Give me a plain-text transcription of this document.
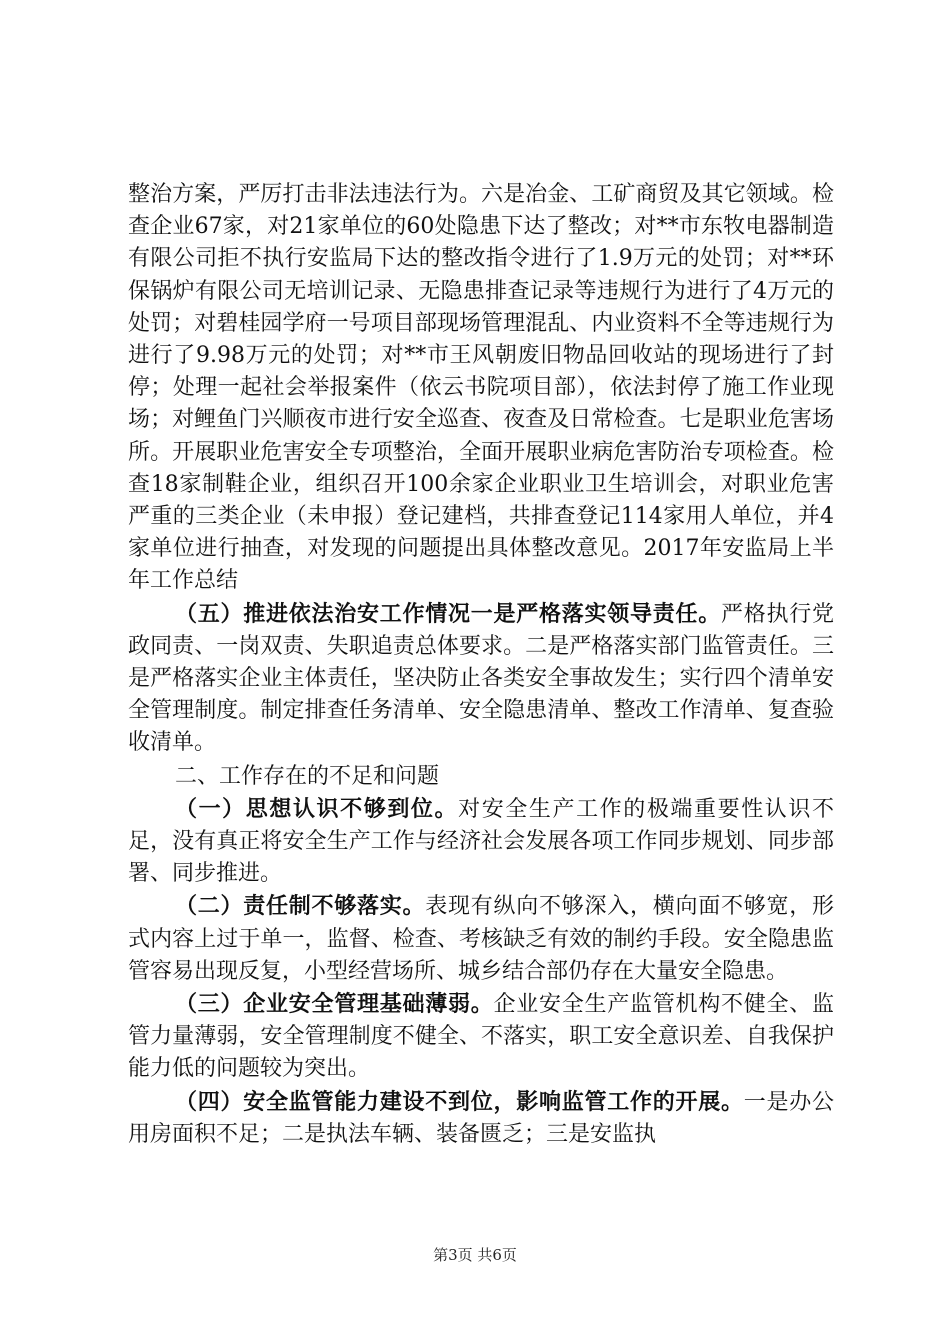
整治方案，严厉打击非法违法行为。六是冶金、工矿商贸及其它领域。检查企业67家，对21家单位的60处隐患下达了整改；对**市东牧电器制造有限公司拒不执行安监局下达的整改指令进行了1.9万元的处罚；对**环保锅炉有限公司无培训记录、无隐患排查记录等违规行为进行了4万元的处罚；对碧桂园学府一号项目部现场管理混乱、内业资料不全等违规行为进行了9.98万元的处罚；对**市王风朝废旧物品回收站的现场进行了封停；处理一起社会举报案件（依云书院项目部），依法封停了施工作业现场；对鲤鱼门兴顺夜市进行安全巡查、夜查及日常检查。七是职业危害场所。开展职业危害安全专项整治，全面开展职业病危害防治专项检查。检查18家制鞋企业，组织召开100余家企业职业卫生培训会，对职业危害严重的三类企业（未申报）登记建档，共排查登记114家用人单位，并4家单位进行抽查，对发现的问题提出具体整改意见。2017年安监局上半年工作总结

（五）推进依法治安工作情况一是严格落实领导责任。严格执行党政同责、一岗双责、失职追责总体要求。二是严格落实部门监管责任。三是严格落实企业主体责任，坚决防止各类安全事故发生；实行四个清单安全管理制度。制定排查任务清单、安全隐患清单、整改工作清单、复查验收清单。

二、工作存在的不足和问题

（一）思想认识不够到位。对安全生产工作的极端重要性认识不足，没有真正将安全生产工作与经济社会发展各项工作同步规划、同步部署、同步推进。

（二）责任制不够落实。表现有纵向不够深入，横向面不够宽，形式内容上过于单一，监督、检查、考核缺乏有效的制约手段。安全隐患监管容易出现反复，小型经营场所、城乡结合部仍存在大量安全隐患。

（三）企业安全管理基础薄弱。企业安全生产监管机构不健全、监管力量薄弱，安全管理制度不健全、不落实，职工安全意识差、自我保护能力低的问题较为突出。

（四）安全监管能力建设不到位，影响监管工作的开展。一是办公用房面积不足；二是执法车辆、装备匮乏；三是安监执

第3页 共6页
